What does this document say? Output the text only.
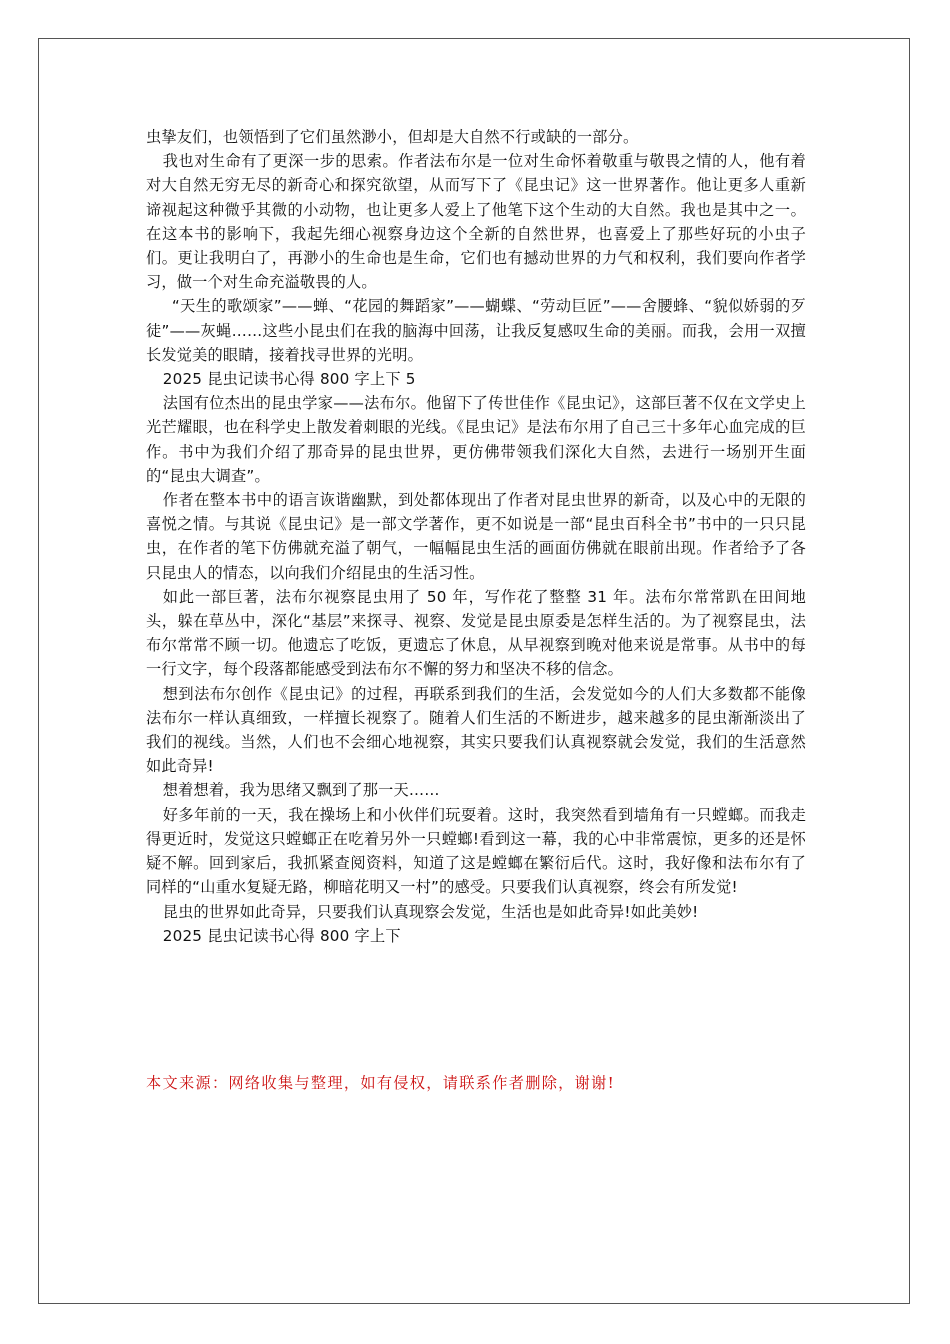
虫挚友们，也领悟到了它们虽然渺小，但却是大自然不行或缺的一部分。

我也对生命有了更深一步的思索。作者法布尔是一位对生命怀着敬重与敬畏之情的人，他有着对大自然无穷无尽的新奇心和探究欲望，从而写下了《昆虫记》这一世界著作。他让更多人重新谛视起这种微乎其微的小动物，也让更多人爱上了他笔下这个生动的大自然。我也是其中之一。在这本书的影响下，我起先细心视察身边这个全新的自然世界，也喜爱上了那些好玩的小虫子们。更让我明白了，再渺小的生命也是生命，它们也有撼动世界的力气和权利，我们要向作者学习，做一个对生命充溢敬畏的人。

“天生的歌颂家”——蝉、“花园的舞蹈家”——蝴蝶、“劳动巨匠”——舍腰蜂、“貌似娇弱的歹徒”——灰蝇……这些小昆虫们在我的脑海中回荡，让我反复感叹生命的美丽。而我，会用一双擅长发觉美的眼睛，接着找寻世界的光明。

2025 昆虫记读书心得 800 字上下 5

法国有位杰出的昆虫学家——法布尔。他留下了传世佳作《昆虫记》，这部巨著不仅在文学史上光芒耀眼，也在科学史上散发着刺眼的光线。《昆虫记》是法布尔用了自己三十多年心血完成的巨作。书中为我们介绍了那奇异的昆虫世界，更仿佛带领我们深化大自然，去进行一场别开生面的“昆虫大调查”。

作者在整本书中的语言诙谐幽默，到处都体现出了作者对昆虫世界的新奇，以及心中的无限的喜悦之情。与其说《昆虫记》是一部文学著作，更不如说是一部“昆虫百科全书”书中的一只只昆虫，在作者的笔下仿佛就充溢了朝气，一幅幅昆虫生活的画面仿佛就在眼前出现。作者给予了各只昆虫人的情态，以向我们介绍昆虫的生活习性。

如此一部巨著，法布尔视察昆虫用了 50 年，写作花了整整 31 年。法布尔常常趴在田间地头，躲在草丛中，深化“基层”来探寻、视察、发觉是昆虫原委是怎样生活的。为了视察昆虫，法布尔常常不顾一切。他遗忘了吃饭，更遗忘了休息，从早视察到晚对他来说是常事。从书中的每一行文字，每个段落都能感受到法布尔不懈的努力和坚决不移的信念。

想到法布尔创作《昆虫记》的过程，再联系到我们的生活，会发觉如今的人们大多数都不能像法布尔一样认真细致，一样擅长视察了。随着人们生活的不断进步，越来越多的昆虫渐渐淡出了我们的视线。当然，人们也不会细心地视察，其实只要我们认真视察就会发觉，我们的生活意然如此奇异!

想着想着，我为思绪又飘到了那一天……

好多年前的一天，我在操场上和小伙伴们玩耍着。这时，我突然看到墙角有一只螳螂。而我走得更近时，发觉这只螳螂正在吃着另外一只螳螂!看到这一幕，我的心中非常震惊，更多的还是怀疑不解。回到家后，我抓紧查阅资料，知道了这是螳螂在繁衍后代。这时，我好像和法布尔有了同样的“山重水复疑无路，柳暗花明又一村”的感受。只要我们认真视察，终会有所发觉!

昆虫的世界如此奇异，只要我们认真现察会发觉，生活也是如此奇异!如此美妙!

2025 昆虫记读书心得 800 字上下

本文来源：网络收集与整理，如有侵权，请联系作者删除，谢谢!
